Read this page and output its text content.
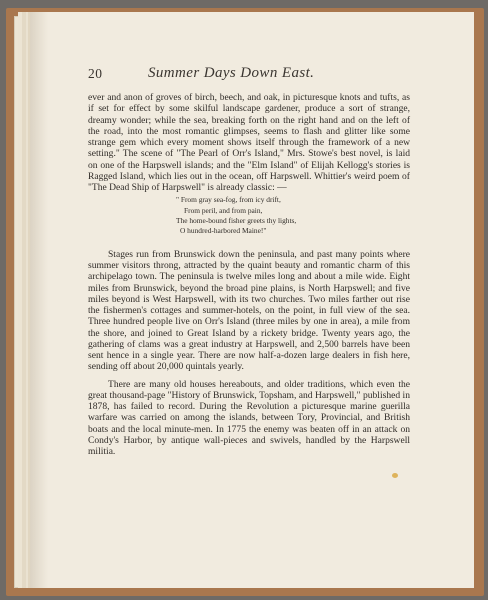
20	Summer Days Down East.

ever and anon of groves of birch, beech, and oak, in picturesque knots and tufts, as if set for effect by some skilful landscape gardener, produce a sort of strange, dreamy wonder; while the sea, breaking forth on the right hand and on the left of the road, into the most romantic glimpses, seems to flash and glitter like some strange gem which every moment shows itself through the framework of a new setting." The scene of "The Pearl of Orr's Island," Mrs. Stowe's best novel, is laid on one of the Harpswell islands; and the "Elm Island" of Elijah Kellogg's stories is Ragged Island, which lies out in the ocean, off Harpswell. Whittier's weird poem of "The Dead Ship of Harpswell" is already classic: —

" From gray sea-fog, from icy drift,
From peril, and from pain,
The home-bound fisher greets thy lights,
O hundred-harbored Maine!"

Stages run from Brunswick down the peninsula, and past many points where summer visitors throng, attracted by the quaint beauty and romantic charm of this archipelago town. The peninsula is twelve miles long and about a mile wide. Eight miles from Brunswick, beyond the broad pine plains, is North Harpswell; and five miles beyond is West Harpswell, with its two churches. Two miles farther out rise the fishermen's cottages and summer-hotels, on the point, in full view of the sea. Three hundred people live on Orr's Island (three miles by one in area), a mile from the shore, and joined to Great Island by a rickety bridge. Twenty years ago, the gathering of clams was a great industry at Harpswell, and 2,500 barrels have been sent hence in a single year. There are now half-a-dozen large dealers in fish here, sending off about 20,000 quintals yearly.

There are many old houses hereabouts, and older traditions, which even the great thousand-page "History of Brunswick, Topsham, and Harpswell," published in 1878, has failed to record. During the Revolution a picturesque marine guerilla warfare was carried on among the islands, between Tory, Provincial, and British boats and the local minute-men. In 1775 the enemy was beaten off in an attack on Condy's Harbor, by antique wall-pieces and swivels, handled by the Harpswell militia.
